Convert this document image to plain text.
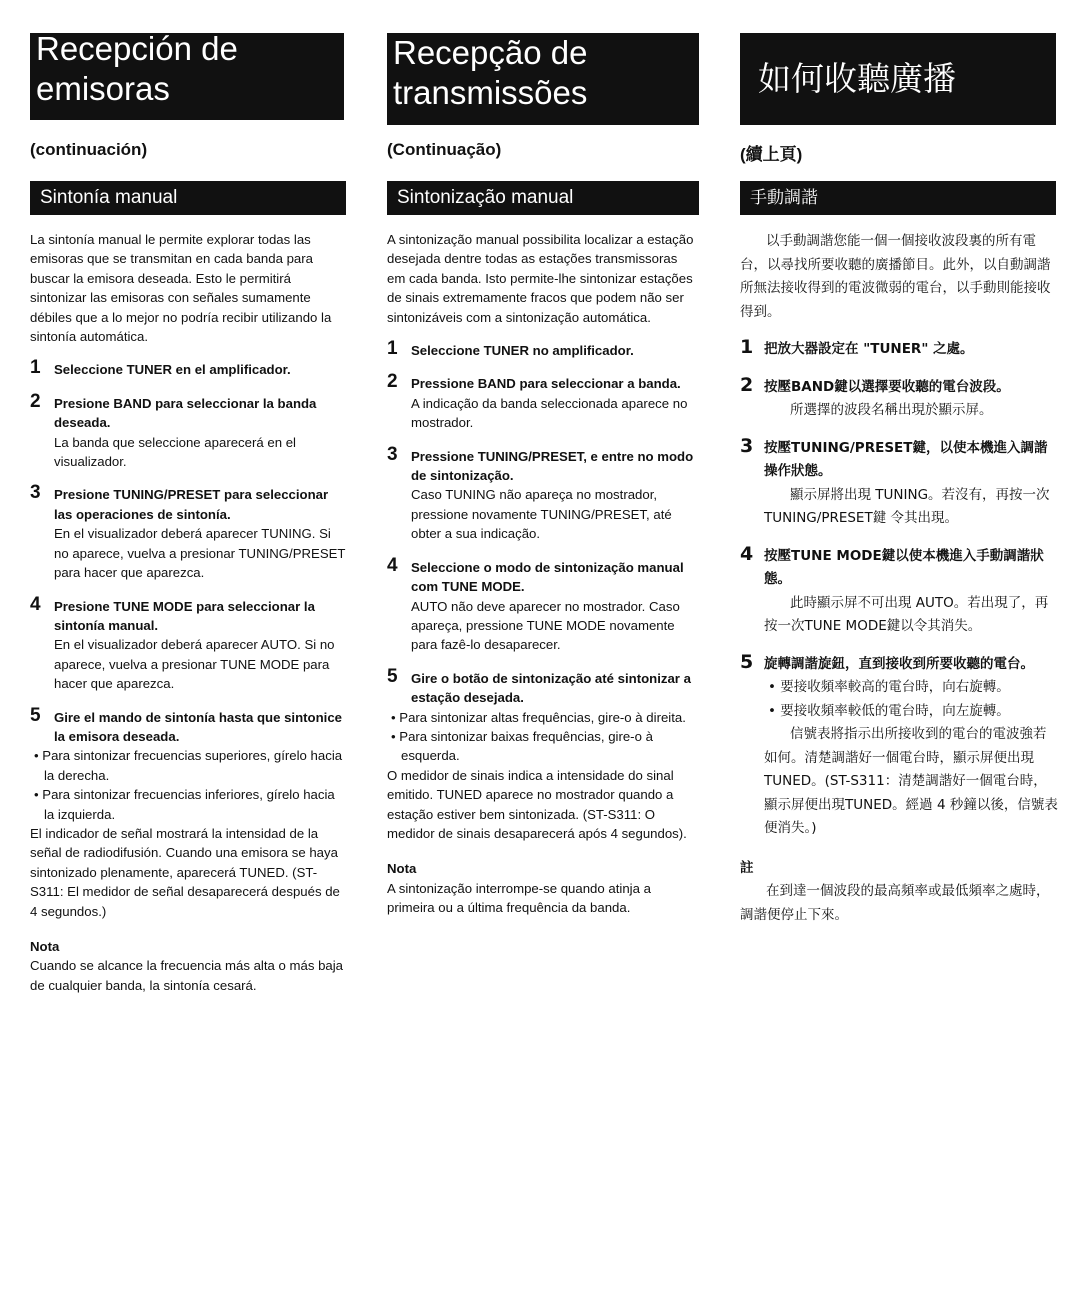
Recepción de
emisoras
(continuación)
Sintonía manual

La sintonía manual le permite explorar todas las emisoras que se transmitan en cada banda para buscar la emisora deseada. Esto le permitirá sintonizar las emisoras con señales sumamente débiles que a lo mejor no podría recibir utilizando la sintonía automática.

1 Seleccione TUNER en el amplificador.
2 Presione BAND para seleccionar la banda deseada.
La banda que seleccione aparecerá en el visualizador.
3 Presione TUNING/PRESET para seleccionar las operaciones de sintonía.
En el visualizador deberá aparecer TUNING. Si no aparece, vuelva a presionar TUNING/PRESET para hacer que aparezca.
4 Presione TUNE MODE para seleccionar la sintonía manual.
En el visualizador deberá aparecer AUTO. Si no aparece, vuelva a presionar TUNE MODE para hacer que aparezca.
5 Gire el mando de sintonía hasta que sintonice la emisora deseada.

• Para sintonizar frecuencias superiores, gírelo hacia la derecha.

• Para sintonizar frecuencias inferiores, gírelo hacia la izquierda.

El indicador de señal mostrará la intensidad de la señal de radiodifusión. Cuando una emisora se haya sintonizado plenamente, aparecerá TUNED. (ST-S311: El medidor de señal desaparecerá después de 4 segundos.)

Nota

Cuando se alcance la frecuencia más alta o más baja de cualquier banda, la sintonía cesará.

Recepção de
transmissões
(Continuação)
Sintonização manual

A sintonização manual possibilita localizar a estação desejada dentre todas as estações transmissoras em cada banda. Isto permite-lhe sintonizar estações de sinais extremamente fracos que podem não ser sintonizáveis com a sintonização automática.

1 Seleccione TUNER no amplificador.
2 Pressione BAND para seleccionar a banda.
A indicação da banda seleccionada aparece no mostrador.
3 Pressione TUNING/PRESET, e entre no modo de sintonização.
Caso TUNING não apareça no mostrador, pressione novamente TUNING/PRESET, até obter a sua indicação.
4 Seleccione o modo de sintonização manual com TUNE MODE.
AUTO não deve aparecer no mostrador. Caso apareça, pressione TUNE MODE novamente para fazê-lo desaparecer.
5 Gire o botão de sintonização até sintonizar a estação desejada.

• Para sintonizar altas frequências, gire-o à direita.

• Para sintonizar baixas frequências, gire-o à esquerda.

O medidor de sinais indica a intensidade do sinal emitido. TUNED aparece no mostrador quando a estação estiver bem sintonizada. (ST-S311: O medidor de sinais desaparecerá após 4 segundos).

Nota

A sintonização interrompe-se quando atinja a primeira ou a última frequência da banda.

如何收聽廣播
(續上頁)
手動調諧

以手動調諧您能一個一個接收波段裏的所有電台，以尋找所要收聽的廣播節目。此外，以自動調諧所無法接收得到的電波微弱的電台，以手動則能接收得到。

1 把放大器設定在 "TUNER" 之處。
2 按壓BAND鍵以選擇要收聽的電台波段。
所選擇的波段名稱出現於顯示屏。
3 按壓TUNING/PRESET鍵，以使本機進入調諧操作狀態。
顯示屏將出現 TUNING。若沒有，再按一次TUNING/PRESET鍵 令其出現。
4 按壓TUNE MODE鍵以使本機進入手動調諧狀態。
此時顯示屏不可出現 AUTO。若出現了，再按一次TUNE MODE鍵以令其消失。
5 旋轉調諧旋鈕，直到接收到所要收聽的電台。

• 要接收頻率較高的電台時，向右旋轉。

• 要接收頻率較低的電台時，向左旋轉。

信號表將指示出所接收到的電台的電波強若如何。清楚調諧好一個電台時，顯示屏便出現 TUNED。(ST-S311：清楚調諧好一個電台時，顯示屏便出現TUNED。經過 4 秒鐘以後，信號表便消失。)

註

在到達一個波段的最高頻率或最低頻率之處時，調諧便停止下來。
